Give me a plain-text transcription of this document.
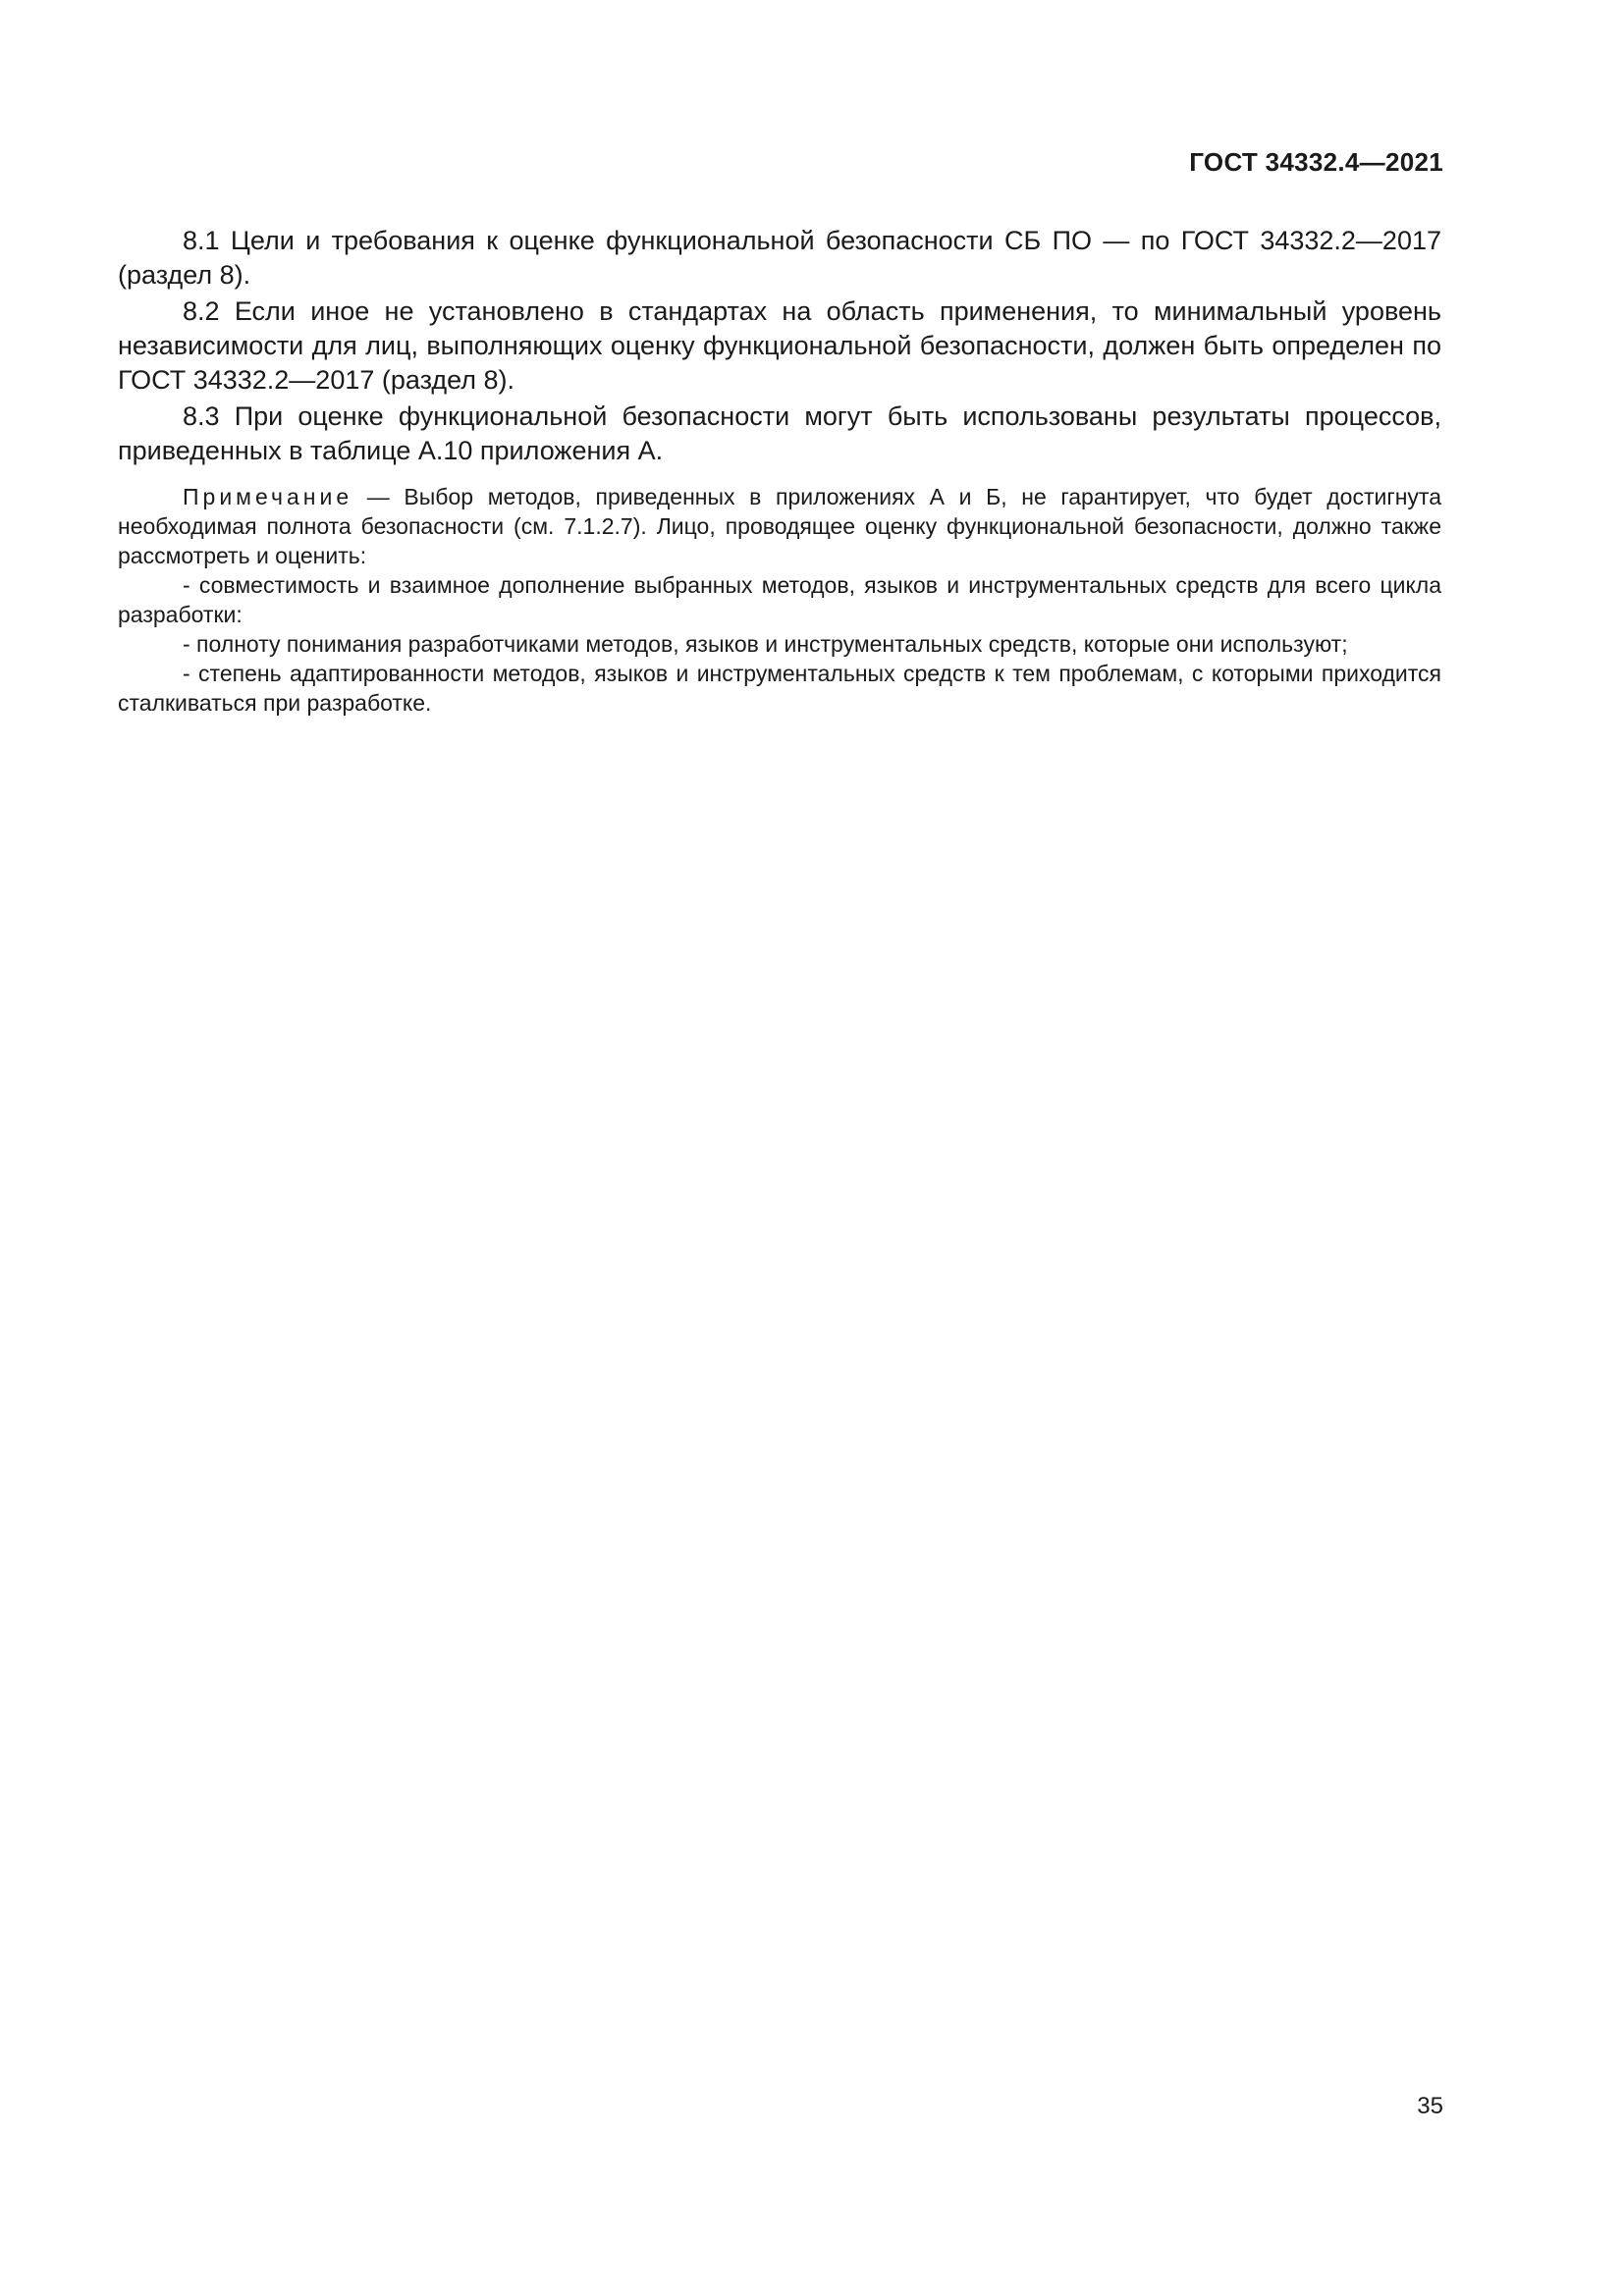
ГОСТ 34332.4—2021

8.1 Цели и требования к оценке функциональной безопасности СБ ПО — по ГОСТ 34332.2—2017 (раздел 8).

8.2 Если иное не установлено в стандартах на область применения, то минимальный уровень независимости для лиц, выполняющих оценку функциональной безопасности, должен быть определен по ГОСТ 34332.2—2017 (раздел 8).

8.3 При оценке функциональной безопасности могут быть использованы результаты процессов, приведенных в таблице А.10 приложения А.

Примечание — Выбор методов, приведенных в приложениях А и Б, не гарантирует, что будет достигнута необходимая полнота безопасности (см. 7.1.2.7). Лицо, проводящее оценку функциональной безопасности, должно также рассмотреть и оценить:

- совместимость и взаимное дополнение выбранных методов, языков и инструментальных средств для всего цикла разработки:

- полноту понимания разработчиками методов, языков и инструментальных средств, которые они используют;

- степень адаптированности методов, языков и инструментальных средств к тем проблемам, с которыми приходится сталкиваться при разработке.

35
